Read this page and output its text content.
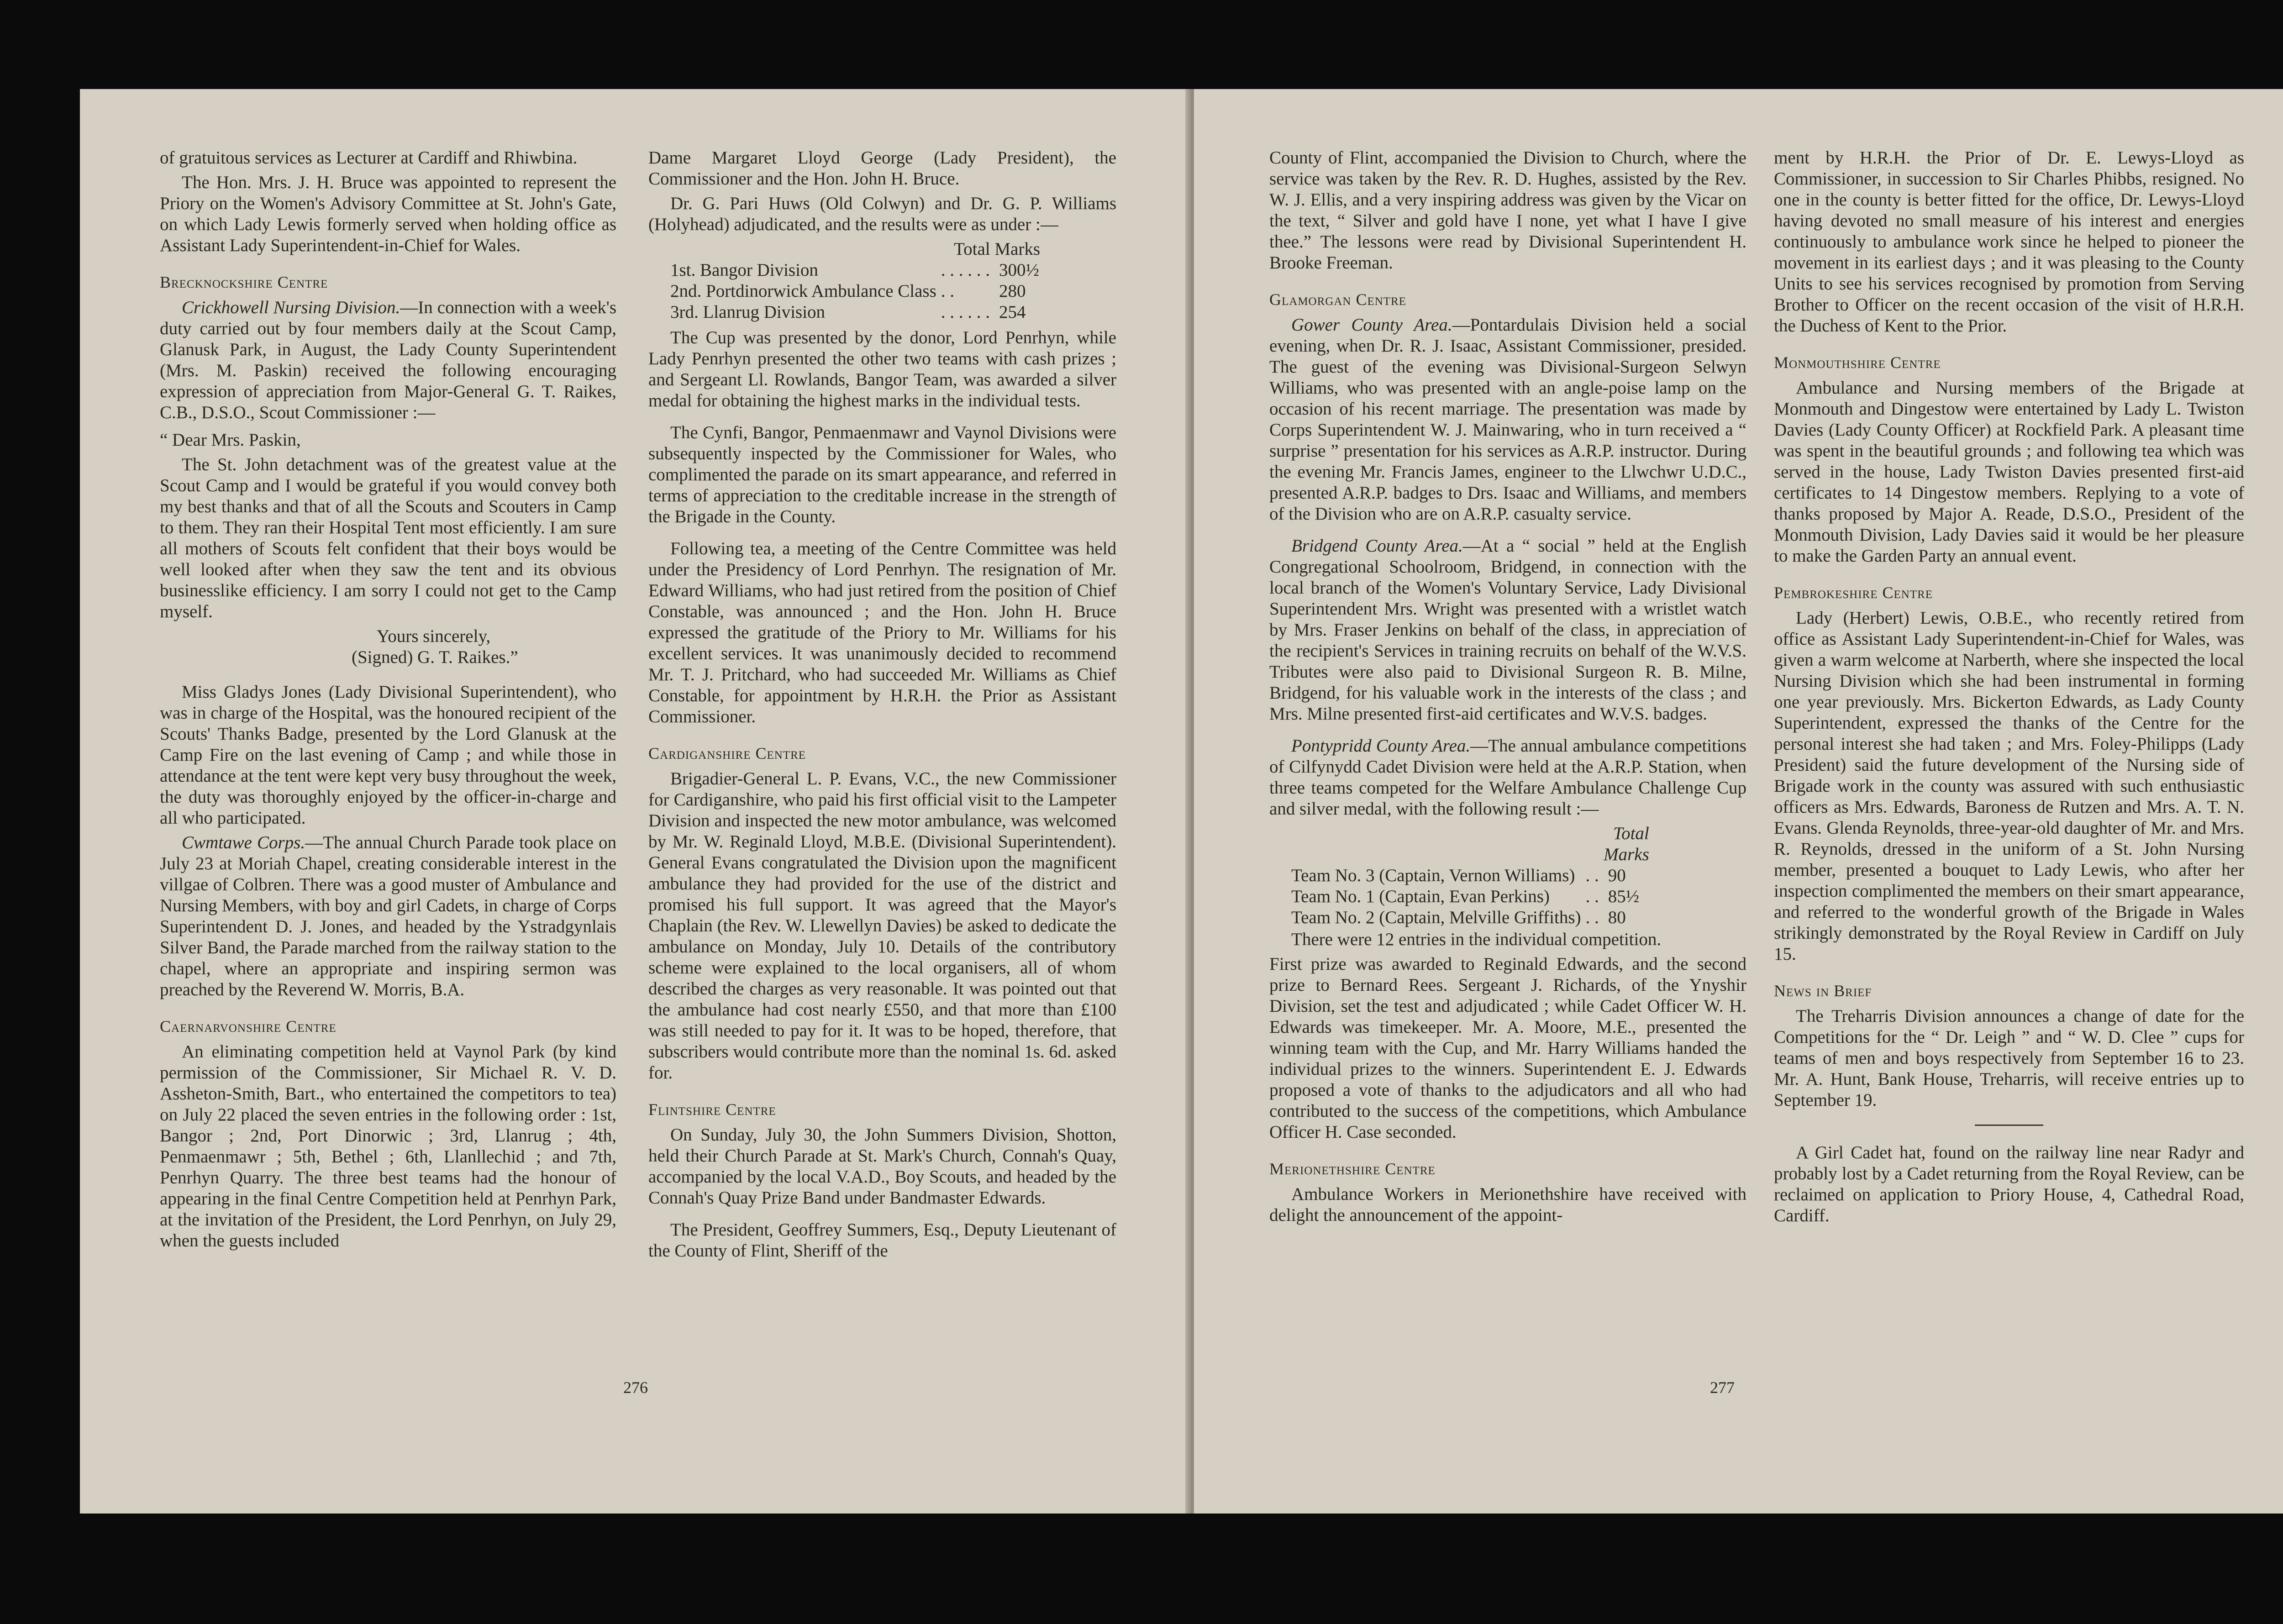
of gratuitous services as Lecturer at Cardiff and Rhiwbina.

The Hon. Mrs. J. H. Bruce was appointed to represent the Priory on the Women's Advisory Committee at St. John's Gate, on which Lady Lewis formerly served when holding office as Assistant Lady Superintendent-in-Chief for Wales.

Brecknockshire Centre

Crickhowell Nursing Division.—In connection with a week's duty carried out by four members daily at the Scout Camp, Glanusk Park, in August, the Lady County Superintendent (Mrs. M. Paskin) received the following encouraging expression of appreciation from Major-General G. T. Raikes, C.B., D.S.O., Scout Commissioner :—

“ Dear Mrs. Paskin,

The St. John detachment was of the greatest value at the Scout Camp and I would be grateful if you would convey both my best thanks and that of all the Scouts and Scouters in Camp to them. They ran their Hospital Tent most efficiently. I am sure all mothers of Scouts felt confident that their boys would be well looked after when they saw the tent and its obvious businesslike efficiency. I am sorry I could not get to the Camp myself.

Yours sincerely,

(Signed) G. T. Raikes.”

Miss Gladys Jones (Lady Divisional Superintendent), who was in charge of the Hospital, was the honoured recipient of the Scouts' Thanks Badge, presented by the Lord Glanusk at the Camp Fire on the last evening of Camp ; and while those in attendance at the tent were kept very busy throughout the week, the duty was thoroughly enjoyed by the officer-in-charge and all who participated.

Cwmtawe Corps.—The annual Church Parade took place on July 23 at Moriah Chapel, creating considerable interest in the villgae of Colbren. There was a good muster of Ambulance and Nursing Members, with boy and girl Cadets, in charge of Corps Superintendent D. J. Jones, and headed by the Ystradgynlais Silver Band, the Parade marched from the railway station to the chapel, where an appropriate and inspiring sermon was preached by the Reverend W. Morris, B.A.

Caernarvonshire Centre

An eliminating competition held at Vaynol Park (by kind permission of the Commissioner, Sir Michael R. V. D. Assheton-Smith, Bart., who entertained the competitors to tea) on July 22 placed the seven entries in the following order : 1st, Bangor ; 2nd, Port Dinorwic ; 3rd, Llanrug ; 4th, Penmaenmawr ; 5th, Bethel ; 6th, Llanllechid ; and 7th, Penrhyn Quarry. The three best teams had the honour of appearing in the final Centre Competition held at Penrhyn Park, at the invitation of the President, the Lord Penrhyn, on July 29, when the guests included

Dame Margaret Lloyd George (Lady President), the Commissioner and the Hon. John H. Bruce.

Dr. G. Pari Huws (Old Colwyn) and Dr. G. P. Williams (Holyhead) adjudicated, and the results were as under :—

Total Marks		
1st. Bangor Division	. . . . . .	300½
2nd. Portdinorwick Ambulance Class	. .	280
3rd. Llanrug Division	. . . . . .	254

The Cup was presented by the donor, Lord Penrhyn, while Lady Penrhyn presented the other two teams with cash prizes ; and Sergeant Ll. Rowlands, Bangor Team, was awarded a silver medal for obtaining the highest marks in the individual tests.

The Cynfi, Bangor, Penmaenmawr and Vaynol Divisions were subsequently inspected by the Commissioner for Wales, who complimented the parade on its smart appearance, and referred in terms of appreciation to the creditable increase in the strength of the Brigade in the County.

Following tea, a meeting of the Centre Committee was held under the Presidency of Lord Penrhyn. The resignation of Mr. Edward Williams, who had just retired from the position of Chief Constable, was announced ; and the Hon. John H. Bruce expressed the gratitude of the Priory to Mr. Williams for his excellent services. It was unanimously decided to recommend Mr. T. J. Pritchard, who had succeeded Mr. Williams as Chief Constable, for appointment by H.R.H. the Prior as Assistant Commissioner.

Cardiganshire Centre

Brigadier-General L. P. Evans, V.C., the new Commissioner for Cardiganshire, who paid his first official visit to the Lampeter Division and inspected the new motor ambulance, was welcomed by Mr. W. Reginald Lloyd, M.B.E. (Divisional Superintendent). General Evans congratulated the Division upon the magnificent ambulance they had provided for the use of the district and promised his full support. It was agreed that the Mayor's Chaplain (the Rev. W. Llewellyn Davies) be asked to dedicate the ambulance on Monday, July 10. Details of the contributory scheme were explained to the local organisers, all of whom described the charges as very reasonable. It was pointed out that the ambulance had cost nearly £550, and that more than £100 was still needed to pay for it. It was to be hoped, therefore, that subscribers would contribute more than the nominal 1s. 6d. asked for.

Flintshire Centre

On Sunday, July 30, the John Summers Division, Shotton, held their Church Parade at St. Mark's Church, Connah's Quay, accompanied by the local V.A.D., Boy Scouts, and headed by the Connah's Quay Prize Band under Bandmaster Edwards.

The President, Geoffrey Summers, Esq., Deputy Lieutenant of the County of Flint, Sheriff of the

276

County of Flint, accompanied the Division to Church, where the service was taken by the Rev. R. D. Hughes, assisted by the Rev. W. J. Ellis, and a very inspiring address was given by the Vicar on the text, “ Silver and gold have I none, yet what I have I give thee.” The lessons were read by Divisional Superintendent H. Brooke Freeman.

Glamorgan Centre

Gower County Area.—Pontardulais Division held a social evening, when Dr. R. J. Isaac, Assistant Commissioner, presided. The guest of the evening was Divisional-Surgeon Selwyn Williams, who was presented with an angle-poise lamp on the occasion of his recent marriage. The presentation was made by Corps Superintendent W. J. Mainwaring, who in turn received a “ surprise ” presentation for his services as A.R.P. instructor. During the evening Mr. Francis James, engineer to the Llwchwr U.D.C., presented A.R.P. badges to Drs. Isaac and Williams, and members of the Division who are on A.R.P. casualty service.

Bridgend County Area.—At a “ social ” held at the English Congregational Schoolroom, Bridgend, in connection with the local branch of the Women's Voluntary Service, Lady Divisional Superintendent Mrs. Wright was presented with a wristlet watch by Mrs. Fraser Jenkins on behalf of the class, in appreciation of the recipient's Services in training recruits on behalf of the W.V.S. Tributes were also paid to Divisional Surgeon R. B. Milne, Bridgend, for his valuable work in the interests of the class ; and Mrs. Milne presented first-aid certificates and W.V.S. badges.

Pontypridd County Area.—The annual ambulance competitions of Cilfynydd Cadet Division were held at the A.R.P. Station, when three teams competed for the Welfare Ambulance Challenge Cup and silver medal, with the following result :—

Total		
Marks		
Team No. 3 (Captain, Vernon Williams)	. .	90
Team No. 1 (Captain, Evan Perkins)	. .	85½
Team No. 2 (Captain, Melville Griffiths)	. .	80

There were 12 entries in the individual competition.

First prize was awarded to Reginald Edwards, and the second prize to Bernard Rees. Sergeant J. Richards, of the Ynyshir Division, set the test and adjudicated ; while Cadet Officer W. H. Edwards was timekeeper. Mr. A. Moore, M.E., presented the winning team with the Cup, and Mr. Harry Williams handed the individual prizes to the winners. Superintendent E. J. Edwards proposed a vote of thanks to the adjudicators and all who had contributed to the success of the competitions, which Ambulance Officer H. Case seconded.

Merionethshire Centre

Ambulance Workers in Merionethshire have received with delight the announcement of the appoint-

ment by H.R.H. the Prior of Dr. E. Lewys-Lloyd as Commissioner, in succession to Sir Charles Phibbs, resigned. No one in the county is better fitted for the office, Dr. Lewys-Lloyd having devoted no small measure of his interest and energies continuously to ambulance work since he helped to pioneer the movement in its earliest days ; and it was pleasing to the County Units to see his services recognised by promotion from Serving Brother to Officer on the recent occasion of the visit of H.R.H. the Duchess of Kent to the Prior.

Monmouthshire Centre

Ambulance and Nursing members of the Brigade at Monmouth and Dingestow were entertained by Lady L. Twiston Davies (Lady County Officer) at Rockfield Park. A pleasant time was spent in the beautiful grounds ; and following tea which was served in the house, Lady Twiston Davies presented first-aid certificates to 14 Dingestow members. Replying to a vote of thanks proposed by Major A. Reade, D.S.O., President of the Monmouth Division, Lady Davies said it would be her pleasure to make the Garden Party an annual event.

Pembrokeshire Centre

Lady (Herbert) Lewis, O.B.E., who recently retired from office as Assistant Lady Superintendent-in-Chief for Wales, was given a warm welcome at Narberth, where she inspected the local Nursing Division which she had been instrumental in forming one year previously. Mrs. Bickerton Edwards, as Lady County Superintendent, expressed the thanks of the Centre for the personal interest she had taken ; and Mrs. Foley-Philipps (Lady President) said the future development of the Nursing side of Brigade work in the county was assured with such enthusiastic officers as Mrs. Edwards, Baroness de Rutzen and Mrs. A. T. N. Evans. Glenda Reynolds, three-year-old daughter of Mr. and Mrs. R. Reynolds, dressed in the uniform of a St. John Nursing member, presented a bouquet to Lady Lewis, who after her inspection complimented the members on their smart appearance, and referred to the wonderful growth of the Brigade in Wales strikingly demonstrated by the Royal Review in Cardiff on July 15.

News in Brief

The Treharris Division announces a change of date for the Competitions for the “ Dr. Leigh ” and “ W. D. Clee ” cups for teams of men and boys respectively from September 16 to 23. Mr. A. Hunt, Bank House, Treharris, will receive entries up to September 19.

A Girl Cadet hat, found on the railway line near Radyr and probably lost by a Cadet returning from the Royal Review, can be reclaimed on application to Priory House, 4, Cathedral Road, Cardiff.

277
